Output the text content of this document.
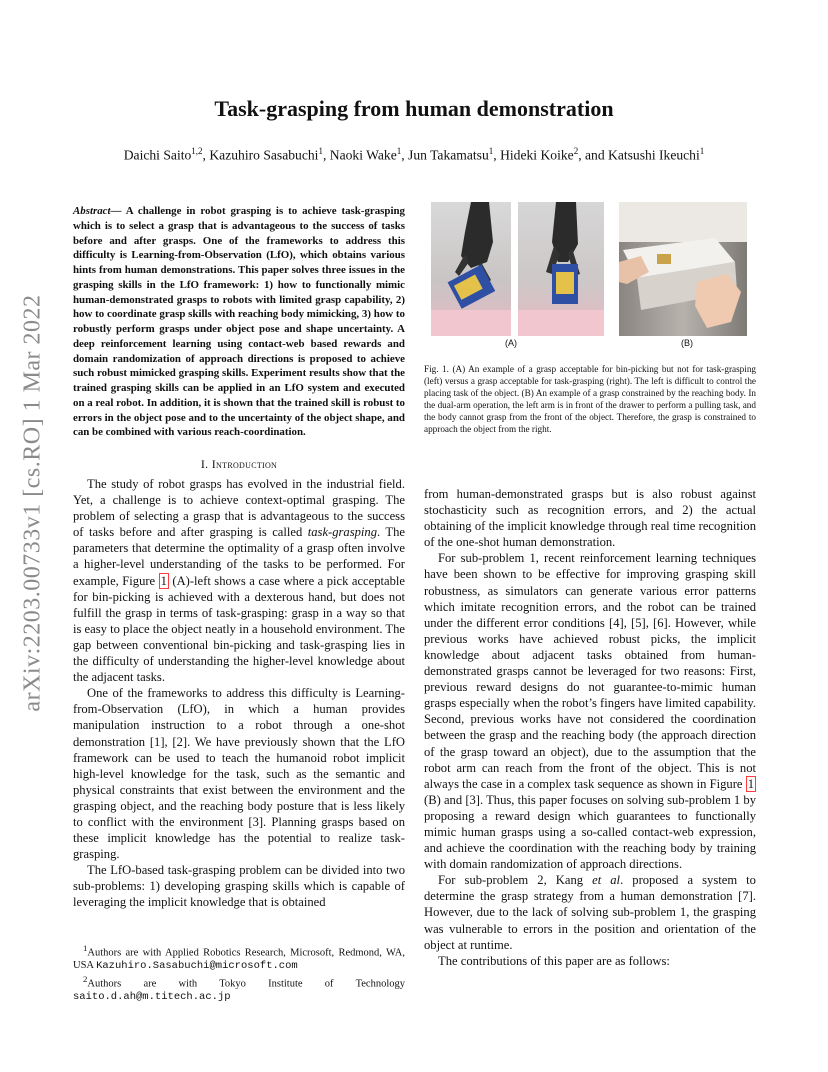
arXiv:2203.00733v1 [cs.RO] 1 Mar 2022
Task-grasping from human demonstration
Daichi Saito$^{1,2}$, Kazuhiro Sasabuchi$^1$, Naoki Wake$^1$, Jun Takamatsu$^1$, Hideki Koike$^2$, and Katsushi Ikeuchi$^1$
Abstract— A challenge in robot grasping is to achieve task-grasping which is to select a grasp that is advantageous to the success of tasks before and after grasps. One of the frameworks to address this difficulty is Learning-from-Observation (LfO), which obtains various hints from human demonstrations. This paper solves three issues in the grasping skills in the LfO framework: 1) how to functionally mimic human-demonstrated grasps to robots with limited grasp capability, 2) how to coordinate grasp skills with reaching body mimicking, 3) how to robustly perform grasps under object pose and shape uncertainty. A deep reinforcement learning using contact-web based rewards and domain randomization of approach directions is proposed to achieve such robust mimicked grasping skills. Experiment results show that the trained grasping skills can be applied in an LfO system and executed on a real robot. In addition, it is shown that the trained skill is robust to errors in the object pose and to the uncertainty of the object shape, and can be combined with various reach-coordination.
I. Introduction

The study of robot grasps has evolved in the industrial field. Yet, a challenge is to achieve context-optimal grasping. The problem of selecting a grasp that is advantageous to the success of tasks before and after grasping is called task-grasping. The parameters that determine the optimality of a grasp often involve a higher-level understanding of the tasks to be performed. For example, Figure 1 (A)-left shows a case where a pick acceptable for bin-picking is achieved with a dexterous hand, but does not fulfill the grasp in terms of task-grasping: grasp in a way so that is easy to place the object neatly in a household environment. The gap between conventional bin-picking and task-grasping lies in the difficulty of understanding the higher-level knowledge about the adjacent tasks.

One of the frameworks to address this difficulty is Learning-from-Observation (LfO), in which a human provides manipulation instruction to a robot through a one-shot demonstration [1], [2]. We have previously shown that the LfO framework can be used to teach the humanoid robot implicit high-level knowledge for the task, such as the semantic and physical constraints that exist between the environment and the grasping object, and the reaching body posture that is less likely to conflict with the environment [3]. Planning grasps based on these implicit knowledge has the potential to realize task-grasping.

The LfO-based task-grasping problem can be divided into two sub-problems: 1) developing grasping skills which is capable of leveraging the implicit knowledge that is obtained

$^1$Authors are with Applied Robotics Research, Microsoft, Redmond, WA, USA Kazuhiro.Sasabuchi@microsoft.com

$^2$Authors are with Tokyo Institute of Technology

saito.d.ah@m.titech.ac.jp
(A)	(B)
Fig. 1. (A) An example of a grasp acceptable for bin-picking but not for task-grasping (left) versus a grasp acceptable for task-grasping (right). The left is difficult to control the placing task of the object. (B) An example of a grasp constrained by the reaching body. In the dual-arm operation, the left arm is in front of the drawer to perform a pulling task, and the body cannot grasp from the front of the object. Therefore, the grasp is constrained to approach the object from the right.

from human-demonstrated grasps but is also robust against stochasticity such as recognition errors, and 2) the actual obtaining of the implicit knowledge through real time recognition of the one-shot human demonstration.

For sub-problem 1, recent reinforcement learning techniques have been shown to be effective for improving grasping skill robustness, as simulators can generate various error patterns which imitate recognition errors, and the robot can be trained under the different error conditions [4], [5], [6]. However, while previous works have achieved robust picks, the implicit knowledge about adjacent tasks obtained from human-demonstrated grasps cannot be leveraged for two reasons: First, previous reward designs do not guarantee-to-mimic human grasps especially when the robot’s fingers have limited capability. Second, previous works have not considered the coordination between the grasp and the reaching body (the approach direction of the grasp toward an object), due to the assumption that the robot arm can reach from the front of the object. This is not always the case in a complex task sequence as shown in Figure 1 (B) and [3]. Thus, this paper focuses on solving sub-problem 1 by proposing a reward design which guarantees to functionally mimic human grasps using a so-called contact-web expression, and achieve the coordination with the reaching body by training with domain randomization of approach directions.

For sub-problem 2, Kang et al. proposed a system to determine the grasp strategy from a human demonstration [7]. However, due to the lack of solving sub-problem 1, the grasping was vulnerable to errors in the position and orientation of the object at runtime.

The contributions of this paper are as follows:
